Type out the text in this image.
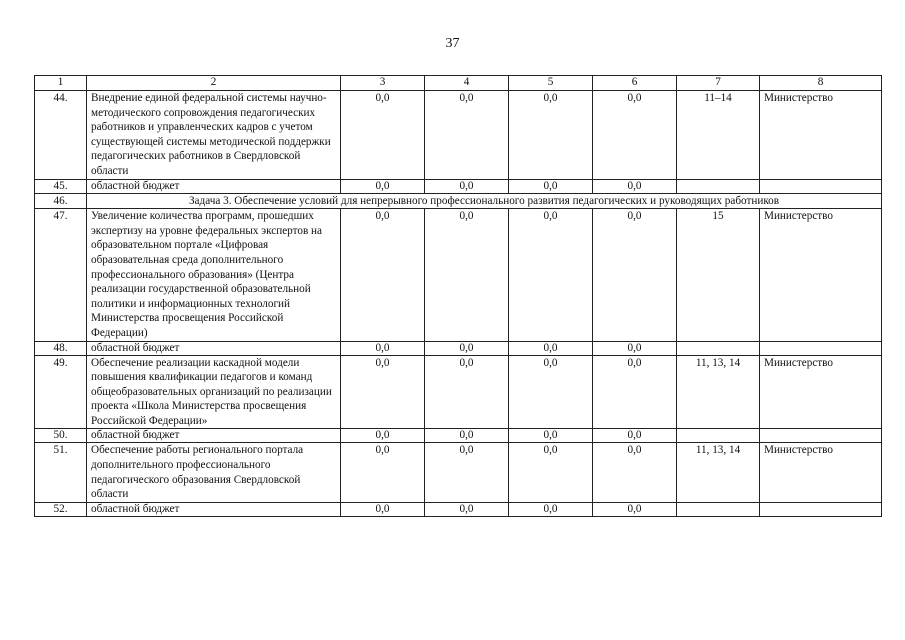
37
1	2	3	4	5	6	7	8
44.	Внедрение единой федеральной системы научно-методического сопровождения педагогических работников и управленческих кадров с учетом существующей системы методической поддержки педагогических работников в Свердловской области	0,0	0,0	0,0	0,0	11–14	Министерство
45.	областной бюджет	0,0	0,0	0,0	0,0		
46.	Задача 3. Обеспечение условий для непрерывного профессионального развития педагогических и руководящих работников						
47.	Увеличение количества программ, прошедших экспертизу на уровне федеральных экспертов на образовательном портале «Цифровая образовательная среда дополнительного профессионального образования» (Центра реализации государственной образовательной политики и информационных технологий Министерства просвещения Российской Федерации)	0,0	0,0	0,0	0,0	15	Министерство
48.	областной бюджет	0,0	0,0	0,0	0,0		
49.	Обеспечение реализации каскадной модели повышения квалификации педагогов и команд общеобразовательных организаций по реализации проекта «Школа Министерства просвещения Российской Федерации»	0,0	0,0	0,0	0,0	11, 13, 14	Министерство
50.	областной бюджет	0,0	0,0	0,0	0,0		
51.	Обеспечение работы регионального портала дополнительного профессионального педагогического образования Свердловской области	0,0	0,0	0,0	0,0	11, 13, 14	Министерство
52.	областной бюджет	0,0	0,0	0,0	0,0		
